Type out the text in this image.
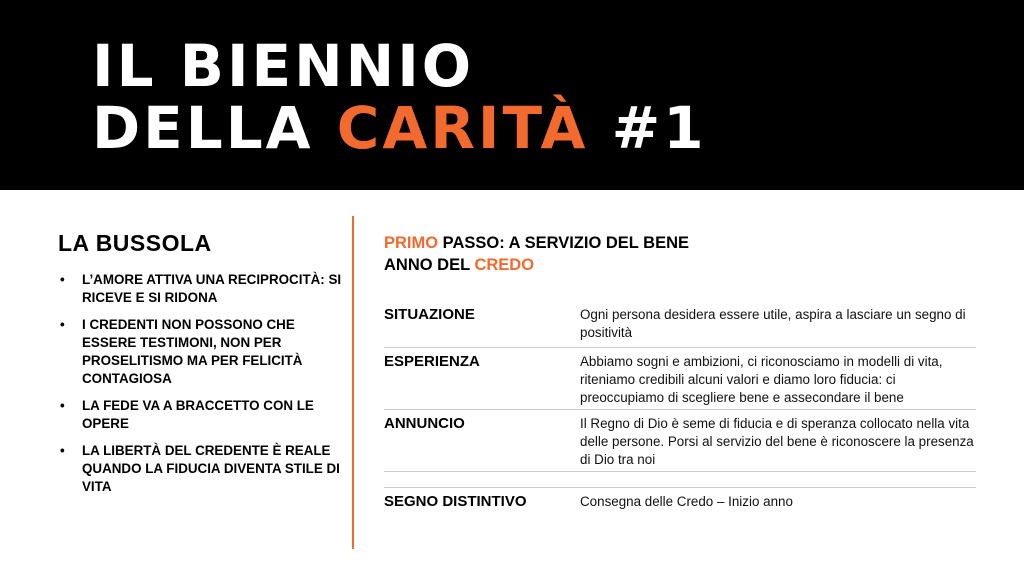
IL BIENNIO
DELLA CARITÀ #1
LA BUSSOLA
• L’AMORE ATTIVA UNA RECIPROCITÀ: SI RICEVE E SI RIDONA
• I CREDENTI NON POSSONO CHE ESSERE TESTIMONI, NON PER PROSELITISMO MA PER FELICITÀ CONTAGIOSA
• LA FEDE VA A BRACCETTO CON LE OPERE
• LA LIBERTÀ DEL CREDENTE È REALE QUANDO LA FIDUCIA DIVENTA STILE DI VITA
PRIMO PASSO: A SERVIZIO DEL BENE
ANNO DEL CREDO
SITUAZIONE	Ogni persona desidera essere utile, aspira a lasciare un segno di positività
ESPERIENZA	Abbiamo sogni e ambizioni, ci riconosciamo in modelli di vita, riteniamo credibili alcuni valori e diamo loro fiducia: ci preoccupiamo di scegliere bene e assecondare il bene
ANNUNCIO	Il Regno di Dio è seme di fiducia e di speranza collocato nella vita delle persone. Porsi al servizio del bene è riconoscere la presenza di Dio tra noi
SEGNO DISTINTIVO	Consegna delle Credo – Inizio anno
